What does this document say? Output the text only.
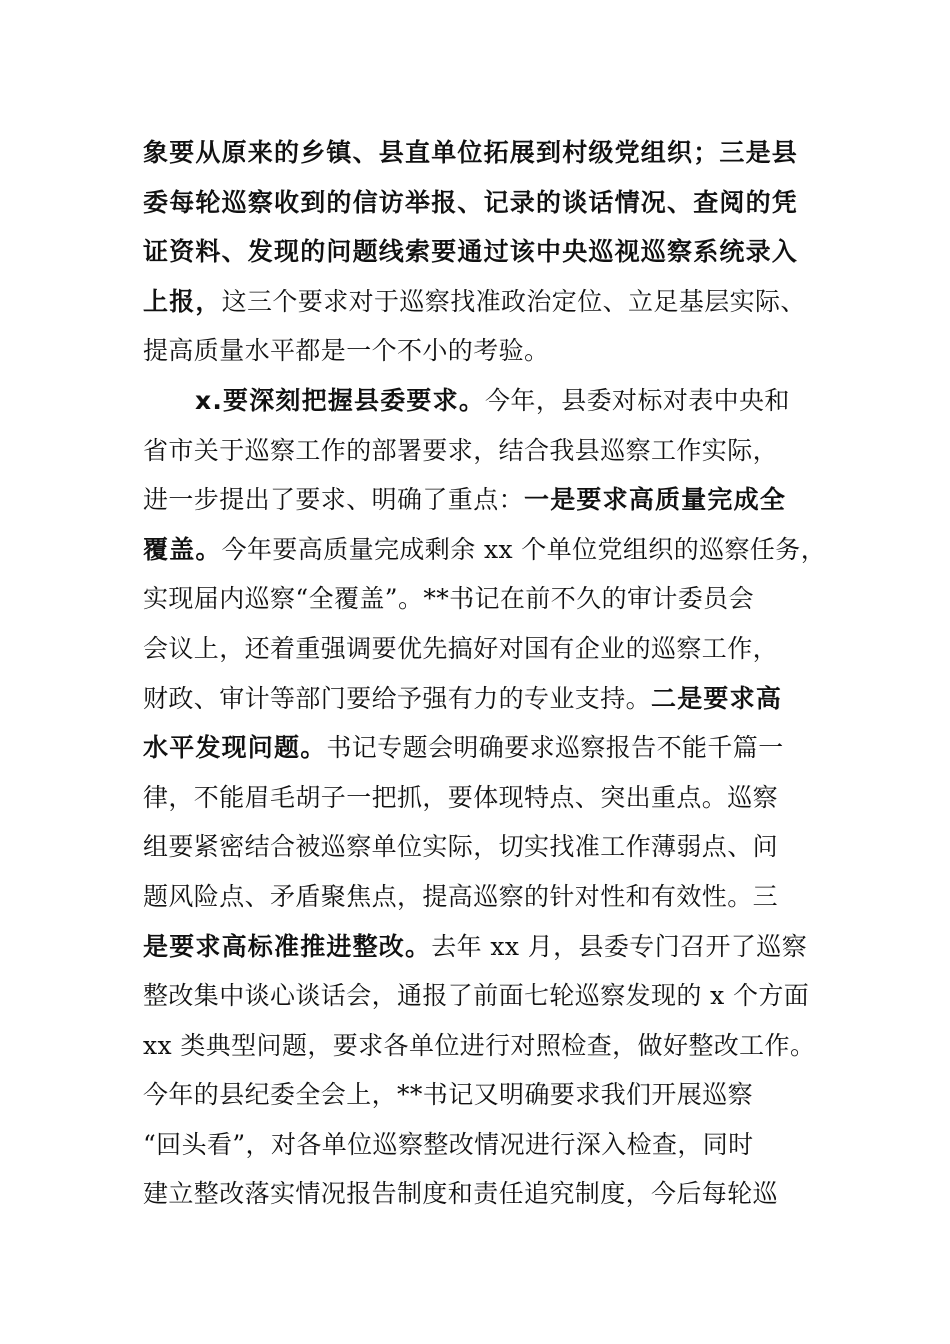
象要从原来的乡镇、县直单位拓展到村级党组织；三是县
委每轮巡察收到的信访举报、记录的谈话情况、查阅的凭
证资料、发现的问题线索要通过该中央巡视巡察系统录入
上报，这三个要求对于巡察找准政治定位、立足基层实际、
提高质量水平都是一个不小的考验。
x.要深刻把握县委要求。今年，县委对标对表中央和
省市关于巡察工作的部署要求，结合我县巡察工作实际，
进一步提出了要求、明确了重点：一是要求高质量完成全
覆盖。今年要高质量完成剩余 xx 个单位党组织的巡察任务，
实现届内巡察“全覆盖”。**书记在前不久的审计委员会
会议上，还着重强调要优先搞好对国有企业的巡察工作，
财政、审计等部门要给予强有力的专业支持。二是要求高
水平发现问题。书记专题会明确要求巡察报告不能千篇一
律，不能眉毛胡子一把抓，要体现特点、突出重点。巡察
组要紧密结合被巡察单位实际，切实找准工作薄弱点、问
题风险点、矛盾聚焦点，提高巡察的针对性和有效性。三
是要求高标准推进整改。去年 xx 月，县委专门召开了巡察
整改集中谈心谈话会，通报了前面七轮巡察发现的 x 个方面
xx 类典型问题，要求各单位进行对照检查，做好整改工作。
今年的县纪委全会上，**书记又明确要求我们开展巡察
“回头看”，对各单位巡察整改情况进行深入检查，同时
建立整改落实情况报告制度和责任追究制度，今后每轮巡
